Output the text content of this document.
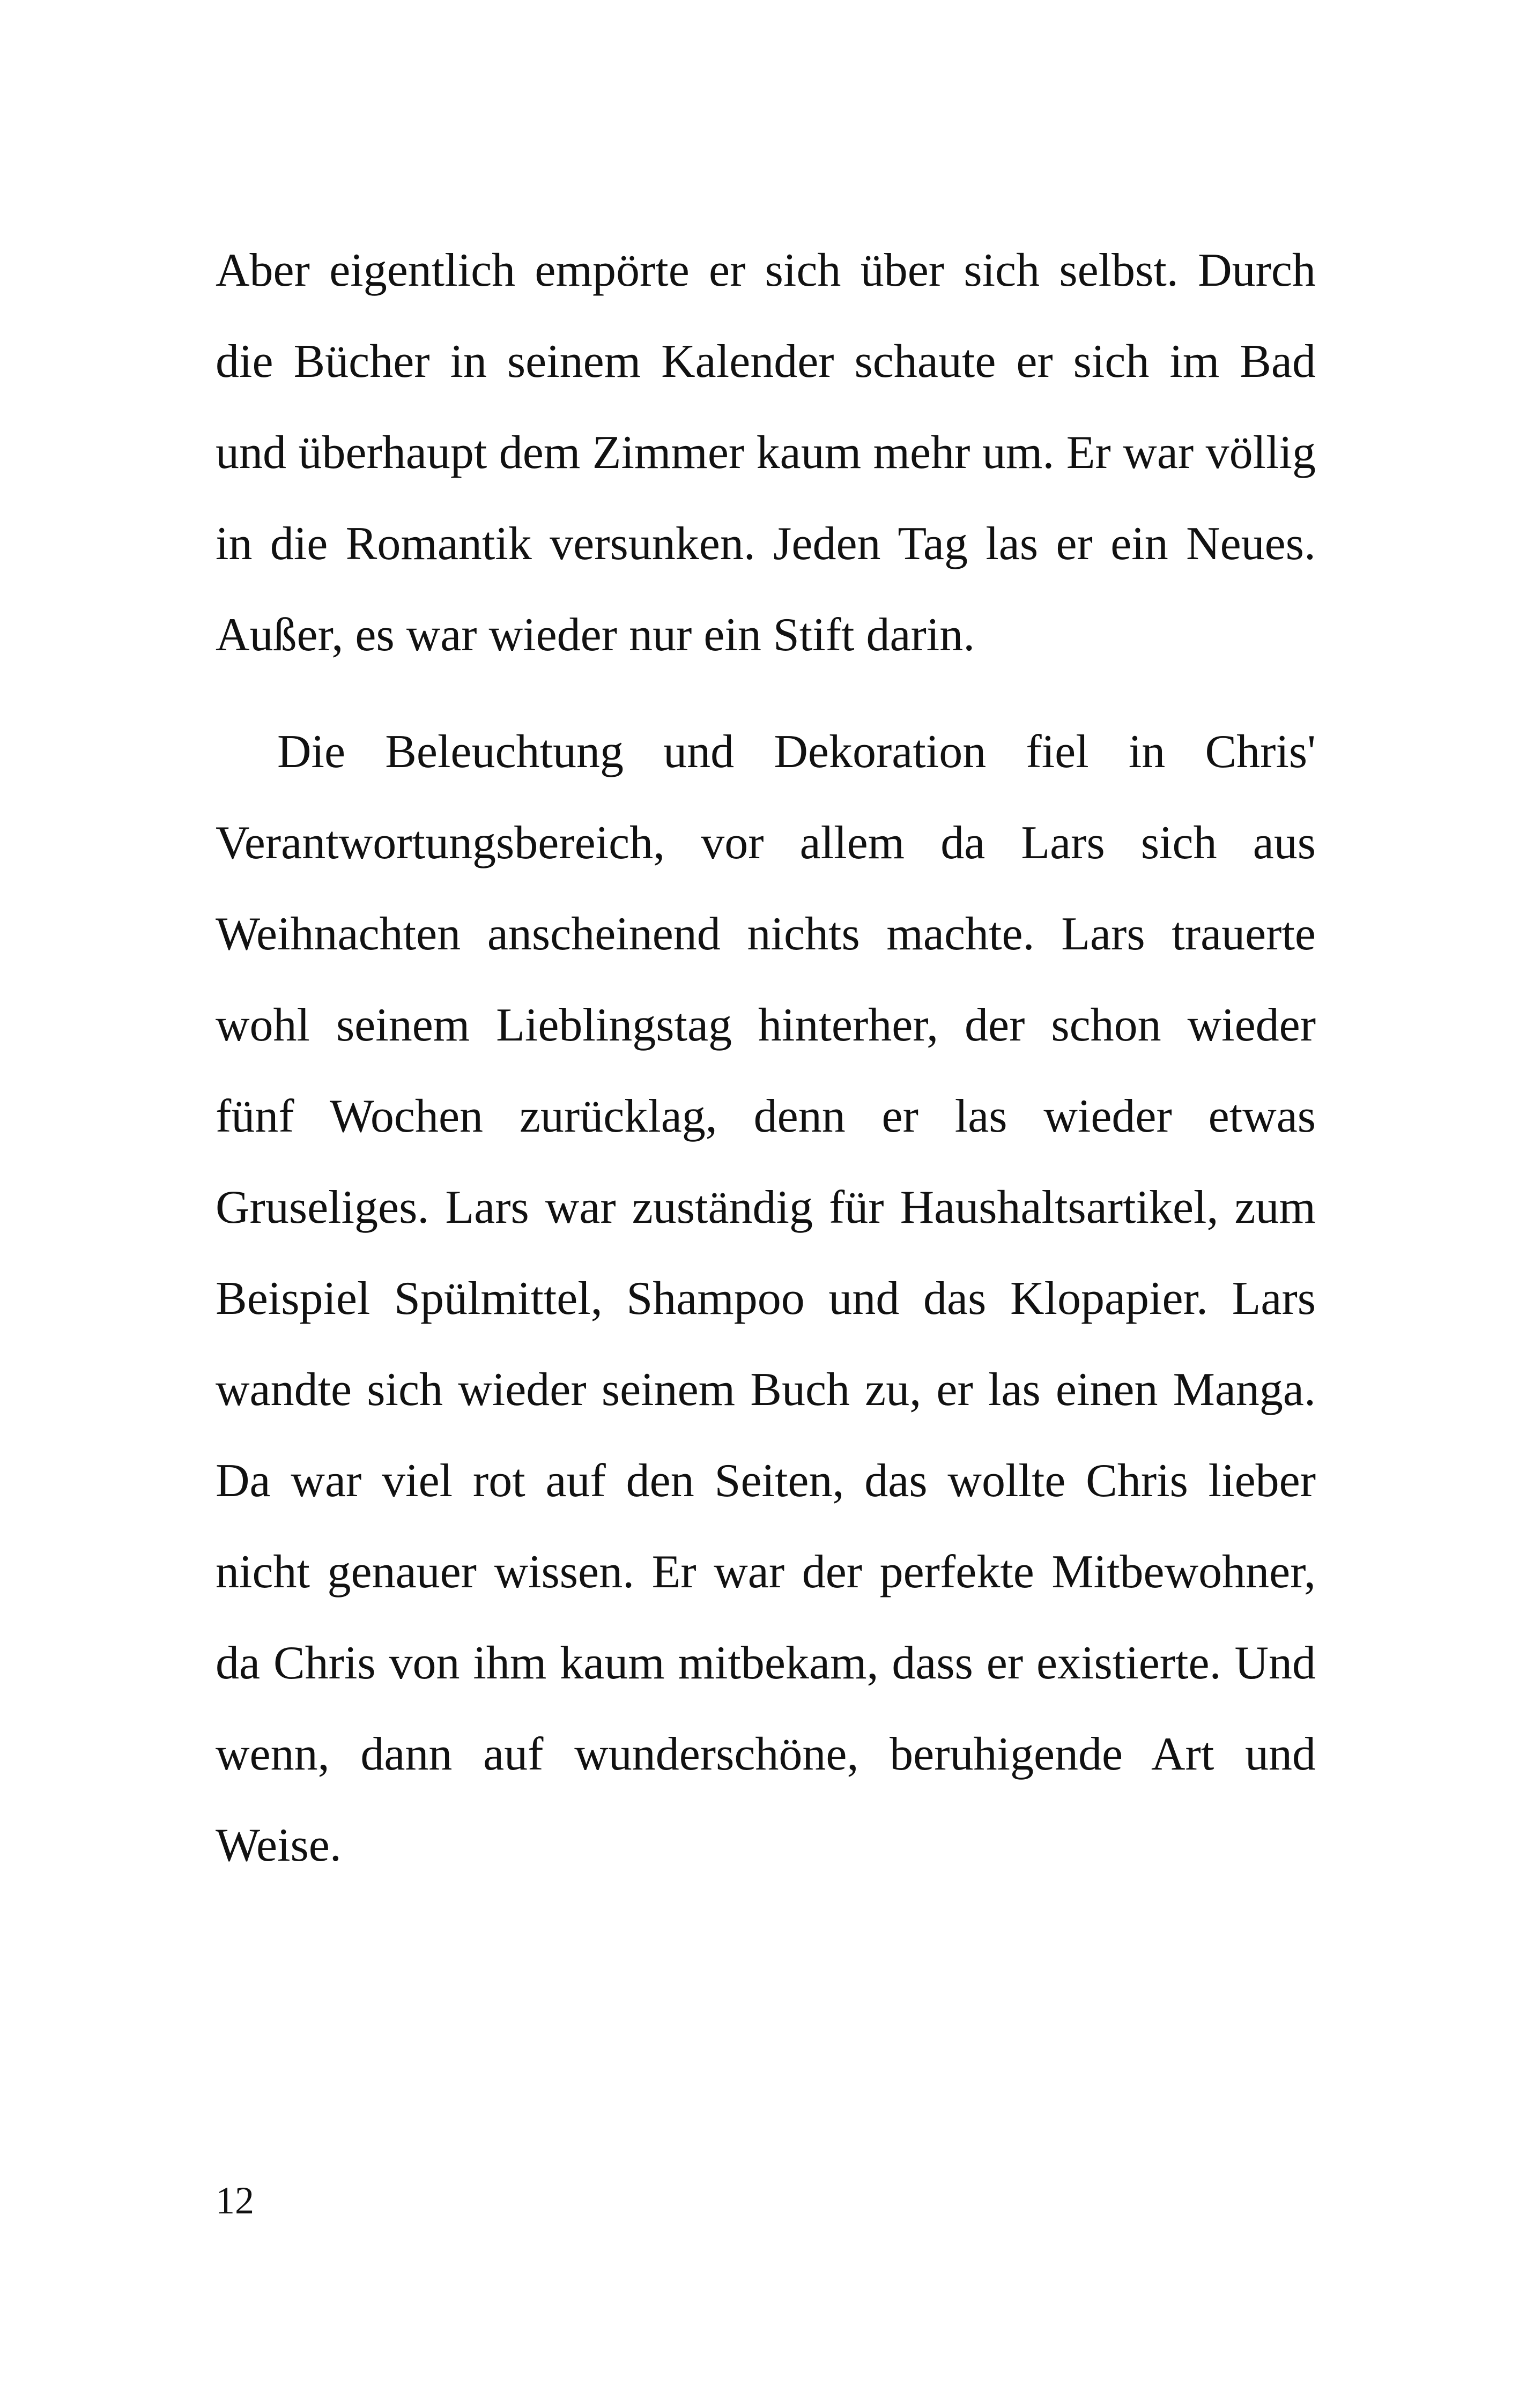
Aber eigentlich empörte er sich über sich selbst. Durch die Bücher in seinem Kalender schaute er sich im Bad und überhaupt dem Zimmer kaum mehr um. Er war völlig in die Romantik versunken. Jeden Tag las er ein Neues. Außer, es war wieder nur ein Stift darin.

Die Beleuchtung und Dekoration fiel in Chris' Verantwortungsbereich, vor allem da Lars sich aus Weihnachten anscheinend nichts machte. Lars trauerte wohl seinem Lieblingstag hinterher, der schon wieder fünf Wochen zurücklag, denn er las wieder etwas Gruseliges. Lars war zuständig für Haushaltsartikel, zum Beispiel Spülmittel, Shampoo und das Klopapier. Lars wandte sich wieder seinem Buch zu, er las einen Manga. Da war viel rot auf den Seiten, das wollte Chris lieber nicht genauer wissen. Er war der perfekte Mitbewohner, da Chris von ihm kaum mitbekam, dass er existierte. Und wenn, dann auf wunderschöne, beruhigende Art und Weise.

12
